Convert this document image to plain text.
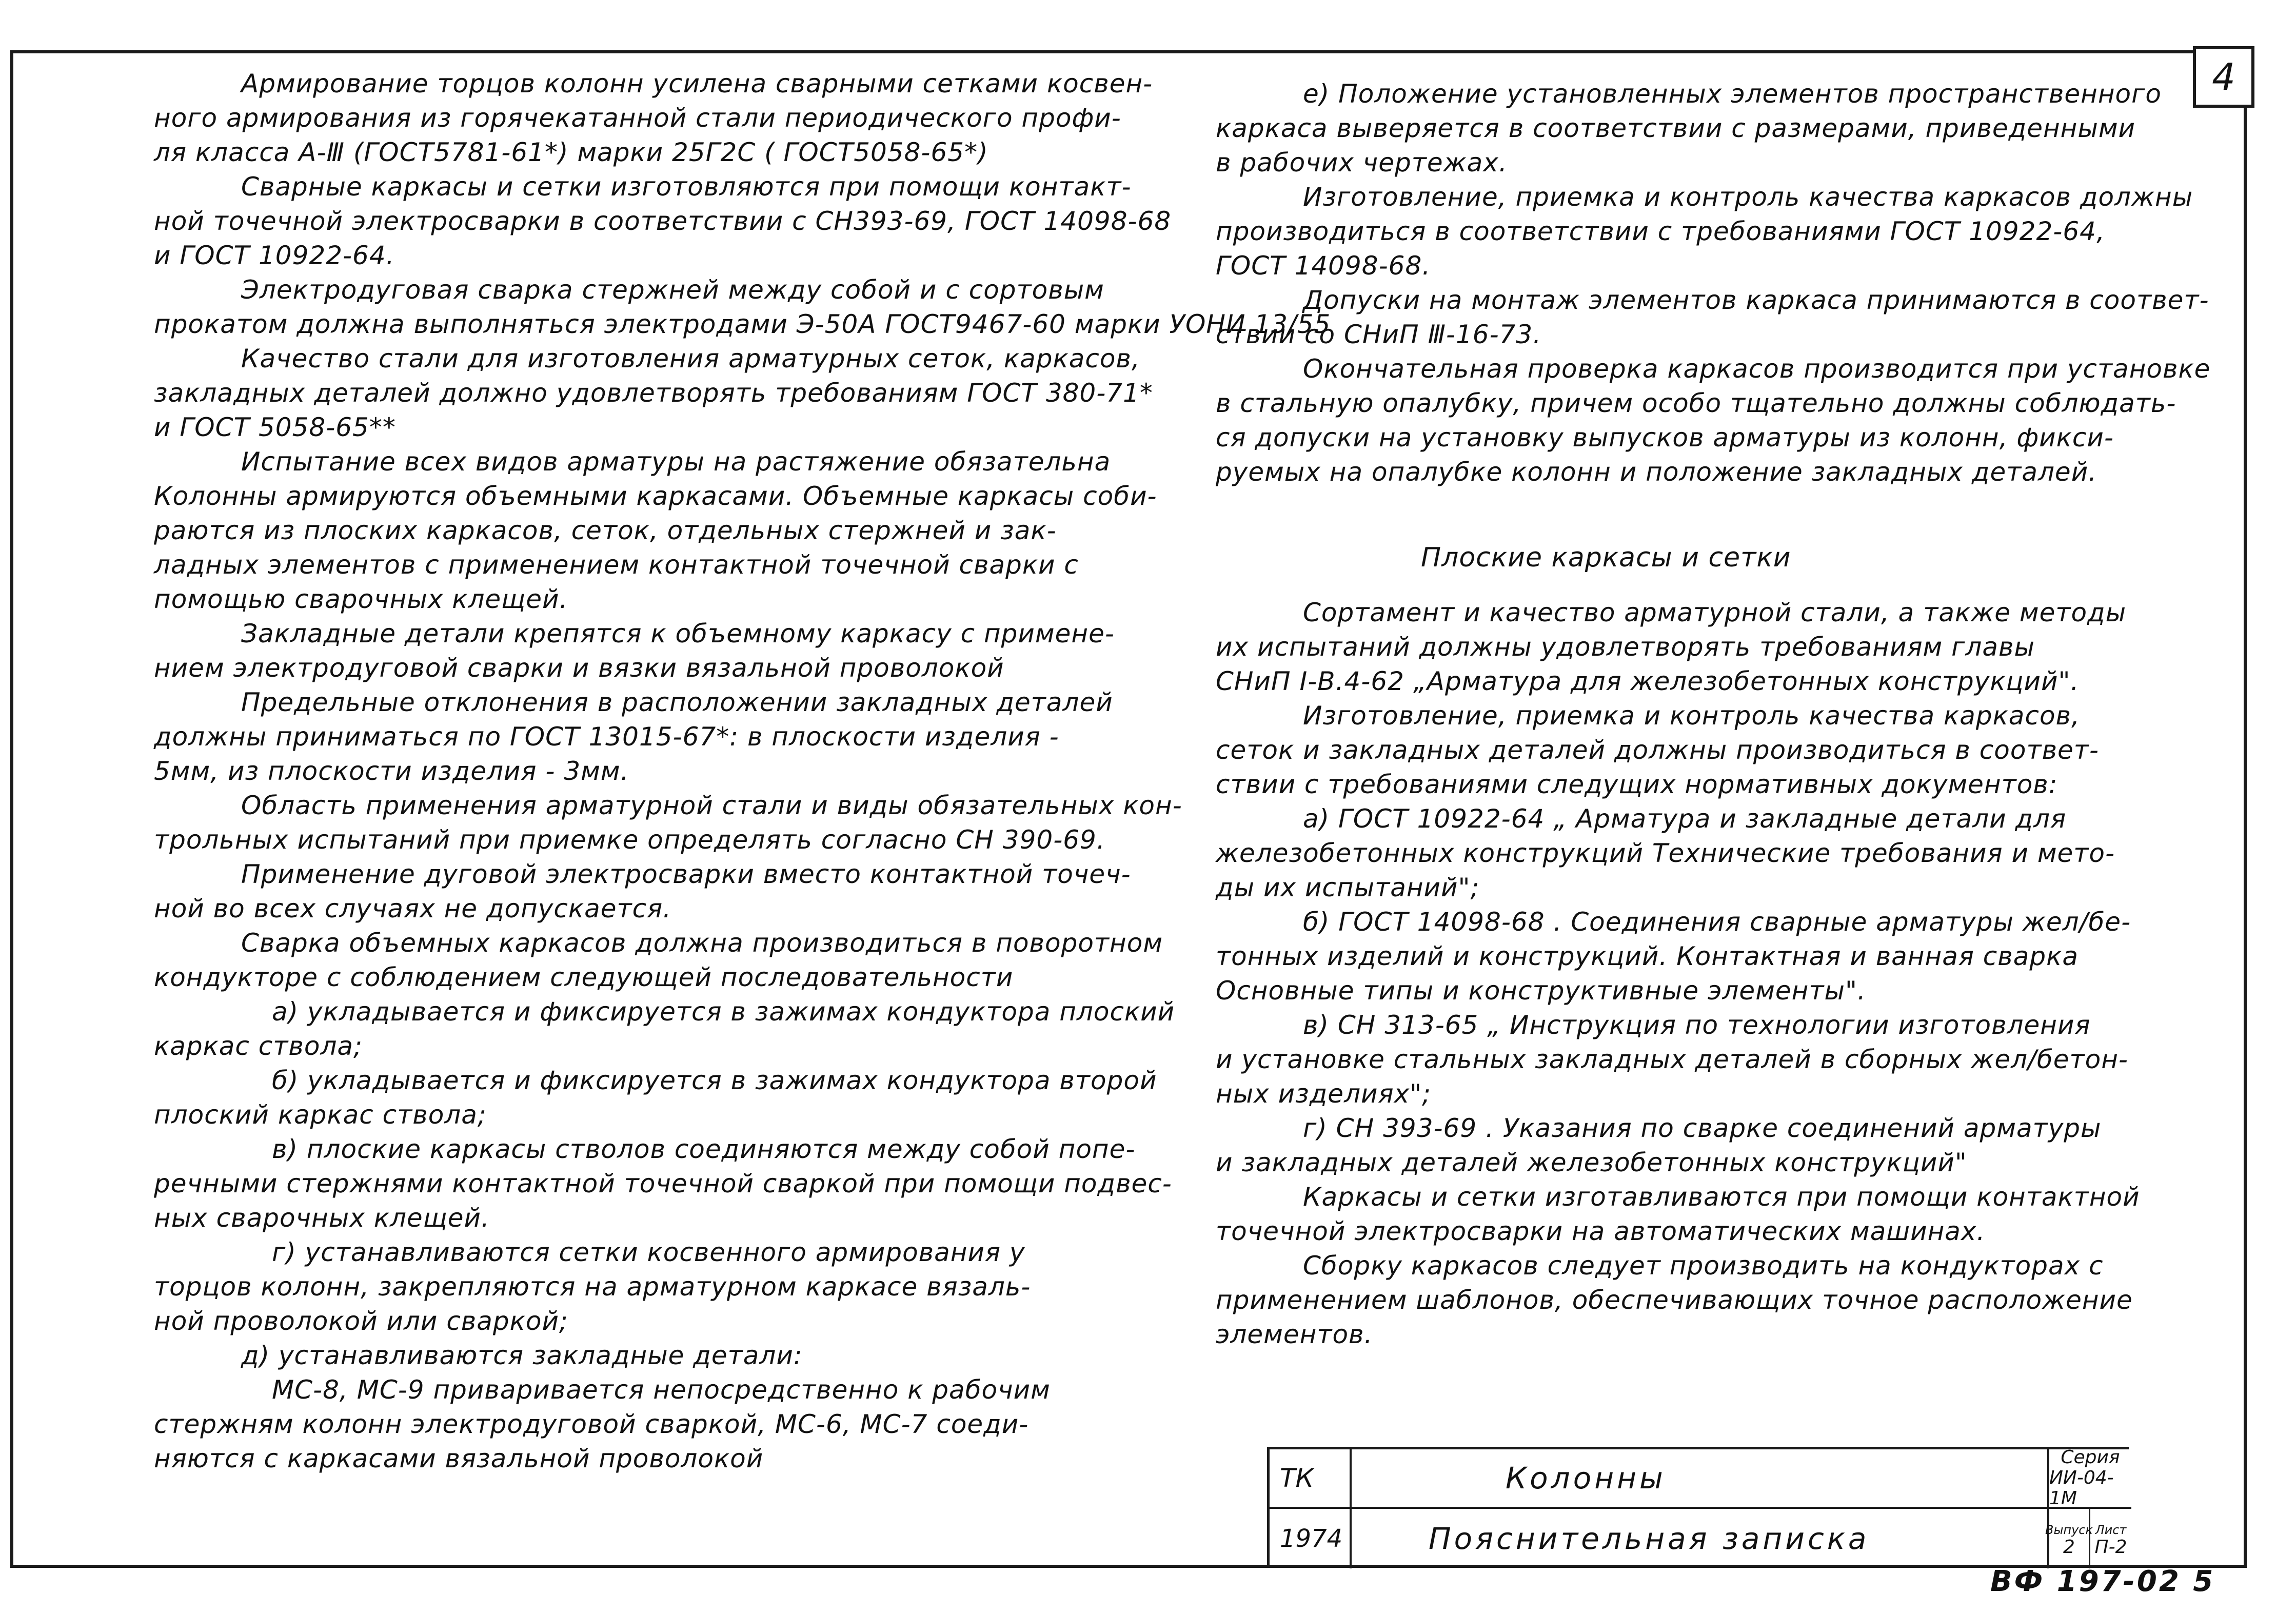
4

Армирование торцов колонн усилена сварными сетками косвен-

ного армирования из горячекатанной стали периодического профи-

ля класса А-Ⅲ (ГОСТ5781-61*) марки 25Г2С ( ГОСТ5058-65*)

Сварные каркасы и сетки изготовляются при помощи контакт-

ной точечной электросварки в соответствии с СН393-69, ГОСТ 14098-68

и ГОСТ 10922-64.

Электродуговая сварка стержней между собой и с сортовым

прокатом должна выполняться электродами Э-50А ГОСТ9467-60 марки УОНИ 13/55

Качество стали для изготовления арматурных сеток, каркасов,

закладных деталей должно удовлетворять требованиям ГОСТ 380-71*

и ГОСТ 5058-65**

Испытание всех видов арматуры на растяжение обязательна

Колонны армируются объемными каркасами. Объемные каркасы соби-

раются из плоских каркасов, сеток, отдельных стержней и зак-

ладных элементов с применением контактной точечной сварки с

помощью сварочных клещей.

Закладные детали крепятся к объемному каркасу с примене-

нием электродуговой сварки и вязки вязальной проволокой

Предельные отклонения в расположении закладных деталей

должны приниматься по ГОСТ 13015-67*: в плоскости изделия -

5мм, из плоскости изделия - 3мм.

Область применения арматурной стали и виды обязательных кон-

трольных испытаний при приемке определять согласно СН 390-69.

Применение дуговой электросварки вместо контактной точеч-

ной во всех случаях не допускается.

Сварка объемных каркасов должна производиться в поворотном

кондукторе с соблюдением следующей последовательности

а) укладывается и фиксируется в зажимах кондуктора плоский

каркас ствола;

б) укладывается и фиксируется в зажимах кондуктора второй

плоский каркас ствола;

в) плоские каркасы стволов соединяются между собой попе-

речными стержнями контактной точечной сваркой при помощи подвес-

ных сварочных клещей.

г) устанавливаются сетки косвенного армирования у

торцов колонн, закрепляются на арматурном каркасе вязаль-

ной проволокой или сваркой;

д) устанавливаются закладные детали:

МС-8, МС-9 приваривается непосредственно к рабочим

стержням колонн электродуговой сваркой, МС-6, МС-7 соеди-

няются с каркасами вязальной проволокой

е) Положение установленных элементов пространственного

каркаса выверяется в соответствии с размерами, приведенными

в рабочих чертежах.

Изготовление, приемка и контроль качества каркасов должны

производиться в соответствии с требованиями ГОСТ 10922-64,

ГОСТ 14098-68.

Допуски на монтаж элементов каркаса принимаются в соответ-

ствии со СНиП Ⅲ-16-73.

Окончательная проверка каркасов производится при установке

в стальную опалубку, причем особо тщательно должны соблюдать-

ся допуски на установку выпусков арматуры из колонн, фикси-

руемых на опалубке колонн и положение закладных деталей.

Плоские каркасы и сетки

Сортамент и качество арматурной стали, а также методы

их испытаний должны удовлетворять требованиям главы

СНиП Ⅰ-В.4-62 „Арматура для железобетонных конструкций".

Изготовление, приемка и контроль качества каркасов,

сеток и закладных деталей должны производиться в соответ-

ствии с требованиями следущих нормативных документов:

а) ГОСТ 10922-64 „ Арматура и закладные детали для

железобетонных конструкций Технические требования и мето-

ды их испытаний";

б) ГОСТ 14098-68 . Соединения сварные арматуры жел/бе-

тонных изделий и конструкций. Контактная и ванная сварка

Основные типы и конструктивные элементы".

в) СН 313-65 „ Инструкция по технологии изготовления

и установке стальных закладных деталей в сборных жел/бетон-

ных изделиях";

г) СН 393-69 . Указания по сварке соединений арматуры

и закладных деталей железобетонных конструкций"

Каркасы и сетки изготавливаются при помощи контактной

точечной электросварки на автоматических машинах.

Сборку каркасов следует производить на кондукторах с

применением шаблонов, обеспечивающих точное расположение

элементов.

ТК
1974
Колонны
Пояснительная записка
Серия
ИИ-04-1М
Выпуск
2
Лист
П-2
ВФ 197-02 5
